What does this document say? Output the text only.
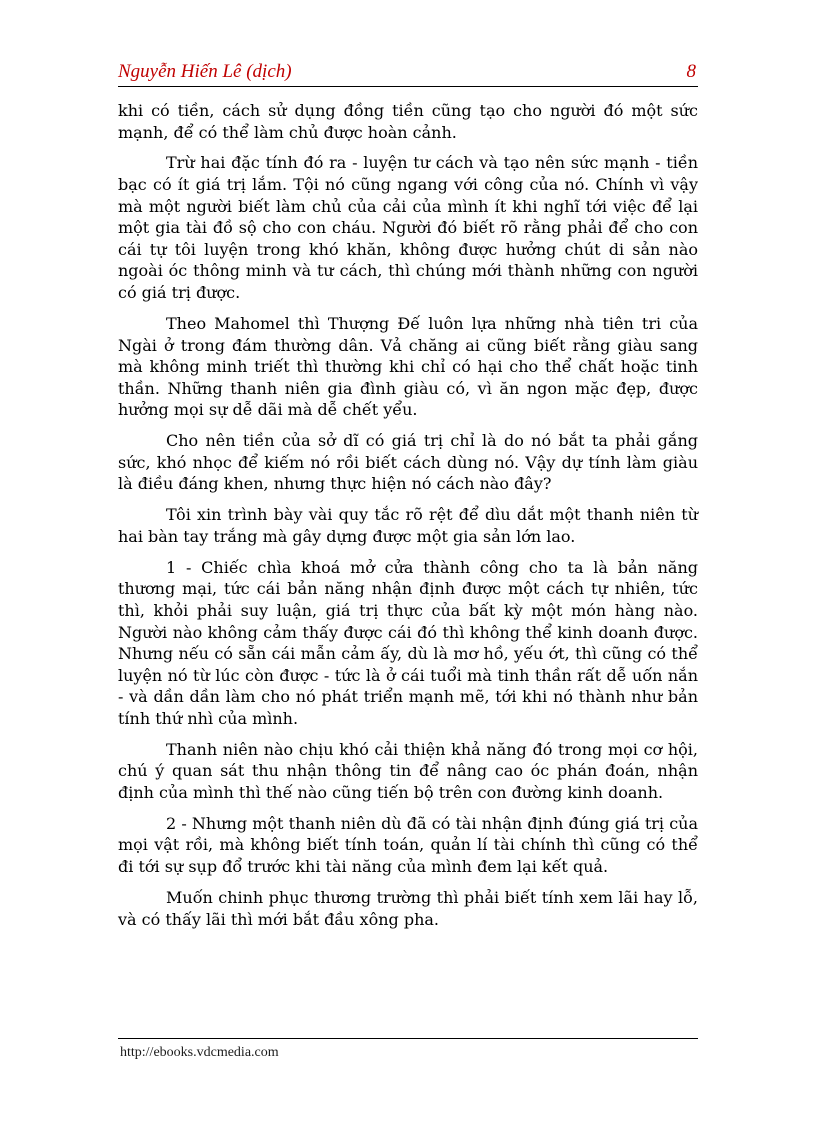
Nguyễn Hiến Lê (dịch)	8

khi có tiền, cách sử dụng đồng tiền cũng tạo cho người đó một sức mạnh, để có thể làm chủ được hoàn cảnh.

Trừ hai đặc tính đó ra - luyện tư cách và tạo nên sức mạnh - tiền bạc có ít giá trị lắm. Tội nó cũng ngang với công của nó. Chính vì vậy mà một người biết làm chủ của cải của mình ít khi nghĩ tới việc để lại một gia tài đồ sộ cho con cháu. Người đó biết rõ rằng phải để cho con cái tự tôi luyện trong khó khăn, không được hưởng chút di sản nào ngoài óc thông minh và tư cách, thì chúng mới thành những con người có giá trị được.

Theo Mahomel thì Thượng Đế luôn lựa những nhà tiên tri của Ngài ở trong đám thường dân. Vả chăng ai cũng biết rằng giàu sang mà không minh triết thì thường khi chỉ có hại cho thể chất hoặc tinh thần. Những thanh niên gia đình giàu có, vì ăn ngon mặc đẹp, được hưởng mọi sự dễ dãi mà dễ chết yểu.

Cho nên tiền của sở dĩ có giá trị chỉ là do nó bắt ta phải gắng sức, khó nhọc để kiếm nó rồi biết cách dùng nó. Vậy dự tính làm giàu là điều đáng khen, nhưng thực hiện nó cách nào đây?

Tôi xin trình bày vài quy tắc rõ rệt để dìu dắt một thanh niên từ hai bàn tay trắng mà gây dựng được một gia sản lớn lao.

1 - Chiếc chìa khoá mở cửa thành công cho ta là bản năng thương mại, tức cái bản năng nhận định được một cách tự nhiên, tức thì, khỏi phải suy luận, giá trị thực của bất kỳ một món hàng nào. Người nào không cảm thấy được cái đó thì không thể kinh doanh được. Nhưng nếu có sẵn cái mẫn cảm ấy, dù là mơ hồ, yếu ớt, thì cũng có thể luyện nó từ lúc còn được - tức là ở cái tuổi mà tinh thần rất dễ uốn nắn - và dần dần làm cho nó phát triển mạnh mẽ, tới khi nó thành như bản tính thứ nhì của mình.

Thanh niên nào chịu khó cải thiện khả năng đó trong mọi cơ hội, chú ý quan sát thu nhận thông tin để nâng cao óc phán đoán, nhận định của mình thì thế nào cũng tiến bộ trên con đường kinh doanh.

2 - Nhưng một thanh niên dù đã có tài nhận định đúng giá trị của mọi vật rồi, mà không biết tính toán, quản lí tài chính thì cũng có thể đi tới sự sụp đổ trước khi tài năng của mình đem lại kết quả.

Muốn chinh phục thương trường thì phải biết tính xem lãi hay lỗ, và có thấy lãi thì mới bắt đầu xông pha.

http://ebooks.vdcmedia.com
